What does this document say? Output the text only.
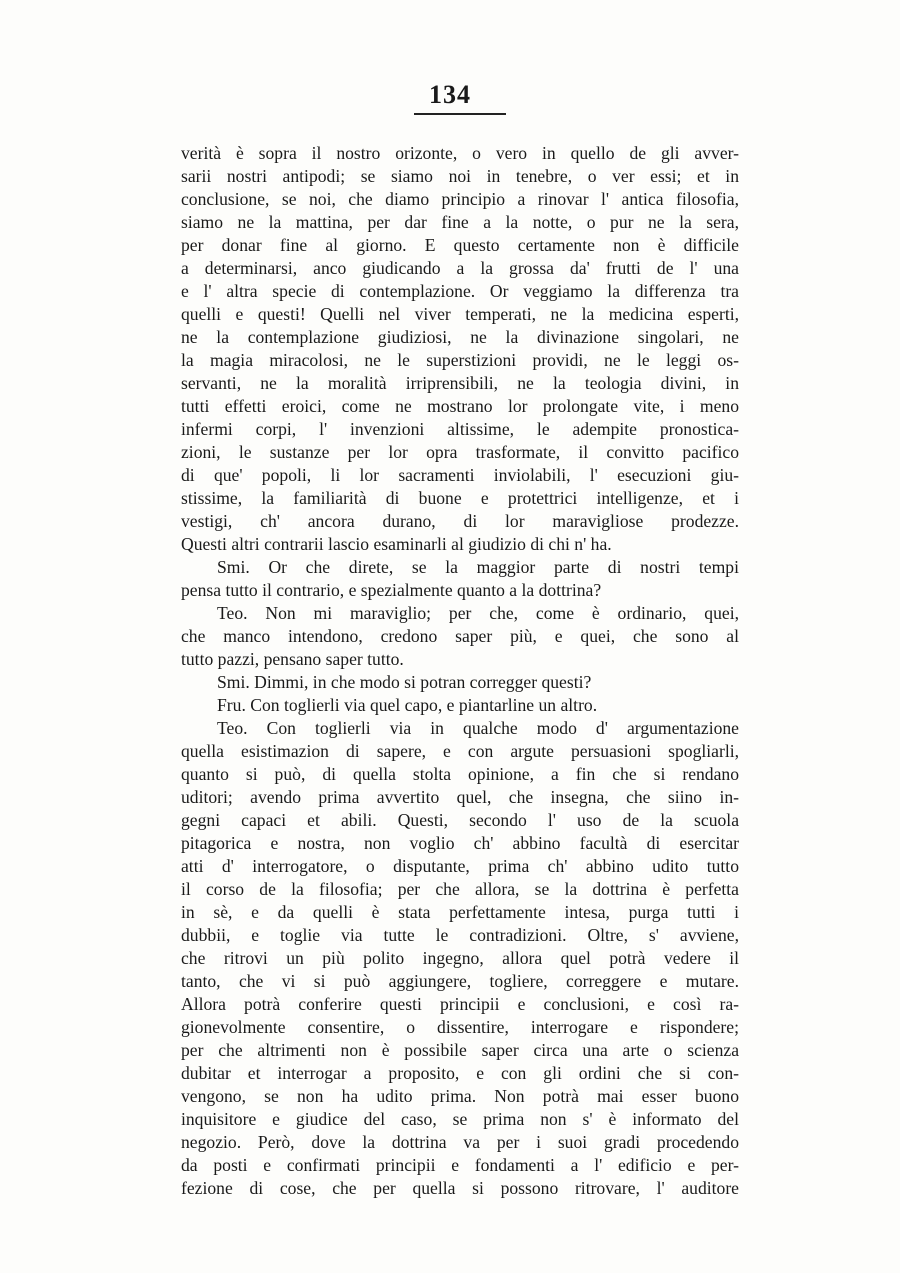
134
verità è sopra il nostro orizonte, o vero in quello de gli avver-
sarii nostri antipodi; se siamo noi in tenebre, o ver essi; et in
conclusione, se noi, che diamo principio a rinovar l' antica filosofia,
siamo ne la mattina, per dar fine a la notte, o pur ne la sera,
per donar fine al giorno. E questo certamente non è difficile
a determinarsi, anco giudicando a la grossa da' frutti de l' una
e l' altra specie di contemplazione. Or veggiamo la differenza tra
quelli e questi! Quelli nel viver temperati, ne la medicina esperti,
ne la contemplazione giudiziosi, ne la divinazione singolari, ne
la magia miracolosi, ne le superstizioni providi, ne le leggi os-
servanti, ne la moralità irriprensibili, ne la teologia divini, in
tutti effetti eroici, come ne mostrano lor prolongate vite, i meno
infermi corpi, l' invenzioni altissime, le adempite pronostica-
zioni, le sustanze per lor opra trasformate, il convitto pacifico
di que' popoli, li lor sacramenti inviolabili, l' esecuzioni giu-
stissime, la familiarità di buone e protettrici intelligenze, et i
vestigi, ch' ancora durano, di lor maravigliose prodezze.
Questi altri contrarii lascio esaminarli al giudizio di chi n' ha.
Smi. Or che direte, se la maggior parte di nostri tempi
pensa tutto il contrario, e spezialmente quanto a la dottrina?
Teo. Non mi maraviglio; per che, come è ordinario, quei,
che manco intendono, credono saper più, e quei, che sono al
tutto pazzi, pensano saper tutto.
Smi. Dimmi, in che modo si potran corregger questi?
Fru. Con toglierli via quel capo, e piantarline un altro.
Teo. Con toglierli via in qualche modo d' argumentazione
quella esistimazion di sapere, e con argute persuasioni spogliarli,
quanto si può, di quella stolta opinione, a fin che si rendano
uditori; avendo prima avvertito quel, che insegna, che siino in-
gegni capaci et abili. Questi, secondo l' uso de la scuola
pitagorica e nostra, non voglio ch' abbino facultà di esercitar
atti d' interrogatore, o disputante, prima ch' abbino udito tutto
il corso de la filosofia; per che allora, se la dottrina è perfetta
in sè, e da quelli è stata perfettamente intesa, purga tutti i
dubbii, e toglie via tutte le contradizioni. Oltre, s' avviene,
che ritrovi un più polito ingegno, allora quel potrà vedere il
tanto, che vi si può aggiungere, togliere, correggere e mutare.
Allora potrà conferire questi principii e conclusioni, e così ra-
gionevolmente consentire, o dissentire, interrogare e rispondere;
per che altrimenti non è possibile saper circa una arte o scienza
dubitar et interrogar a proposito, e con gli ordini che si con-
vengono, se non ha udito prima. Non potrà mai esser buono
inquisitore e giudice del caso, se prima non s' è informato del
negozio. Però, dove la dottrina va per i suoi gradi procedendo
da posti e confirmati principii e fondamenti a l' edificio e per-
fezione di cose, che per quella si possono ritrovare, l' auditore
